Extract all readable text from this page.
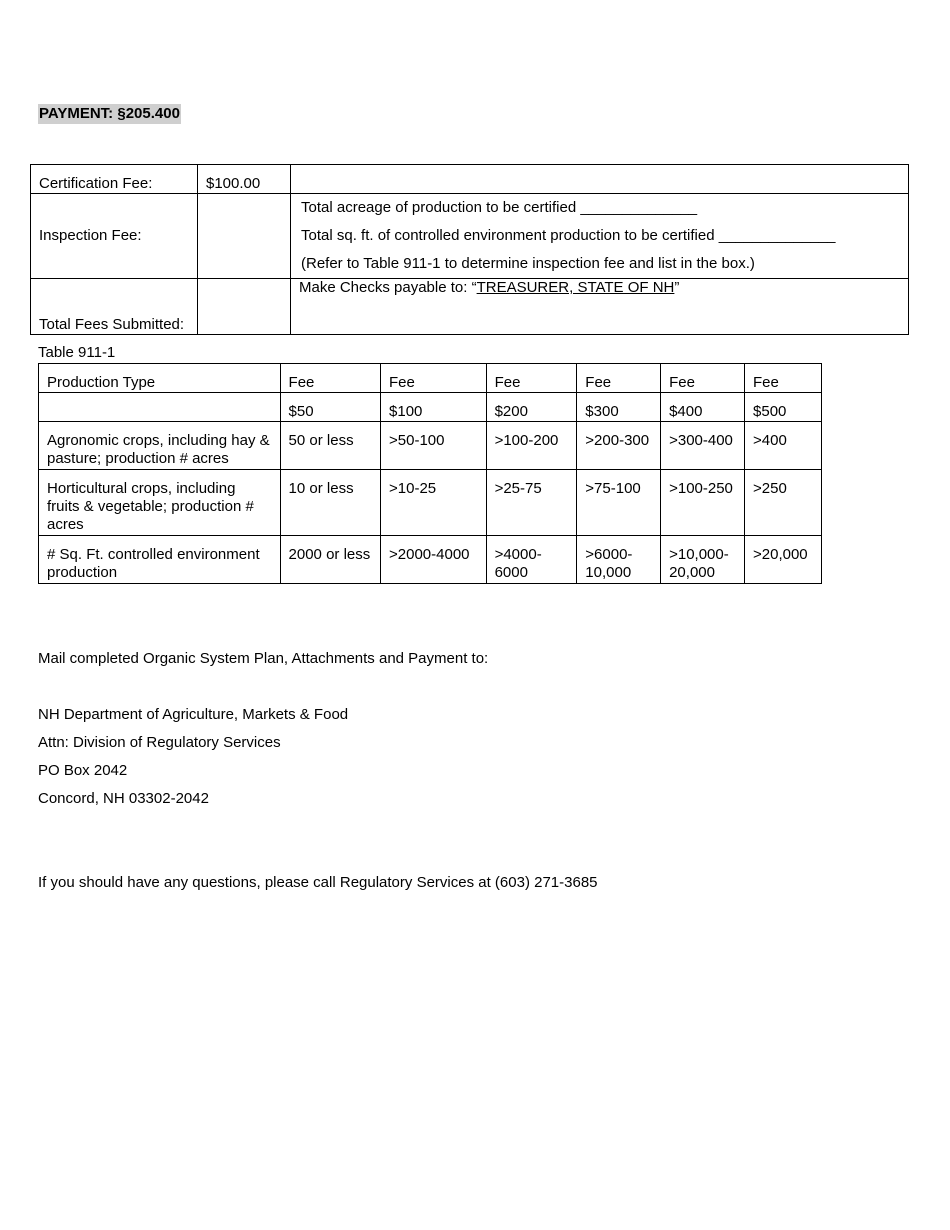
PAYMENT: §205.400
Certification Fee:	$100.00	
Inspection Fee:		Total acreage of production to be certified ______________

Total sq. ft. of controlled environment production to be certified ______________

(Refer to Table 911-1 to determine inspection fee and list in the box.)

Total Fees Submitted:		Make Checks payable to: “TREASURER, STATE OF NH”
Table 911-1
Production Type	Fee	Fee	Fee	Fee	Fee	Fee
	$50	$100	$200	$300	$400	$500
Agronomic crops, including hay & pasture; production # acres	50 or less	>50-100	>100-200	>200-300	>300-400	>400
Horticultural crops, including fruits & vegetable; production # acres	10 or less	>10-25	>25-75	>75-100	>100-250	>250
# Sq. Ft. controlled environment production	2000 or less	>2000-4000	>4000-6000	>6000-10,000	>10,000-20,000	>20,000

Mail completed Organic System Plan, Attachments and Payment to:

NH Department of Agriculture, Markets & Food

Attn: Division of Regulatory Services

PO Box 2042

Concord, NH 03302-2042

If you should have any questions, please call Regulatory Services at (603) 271-3685
